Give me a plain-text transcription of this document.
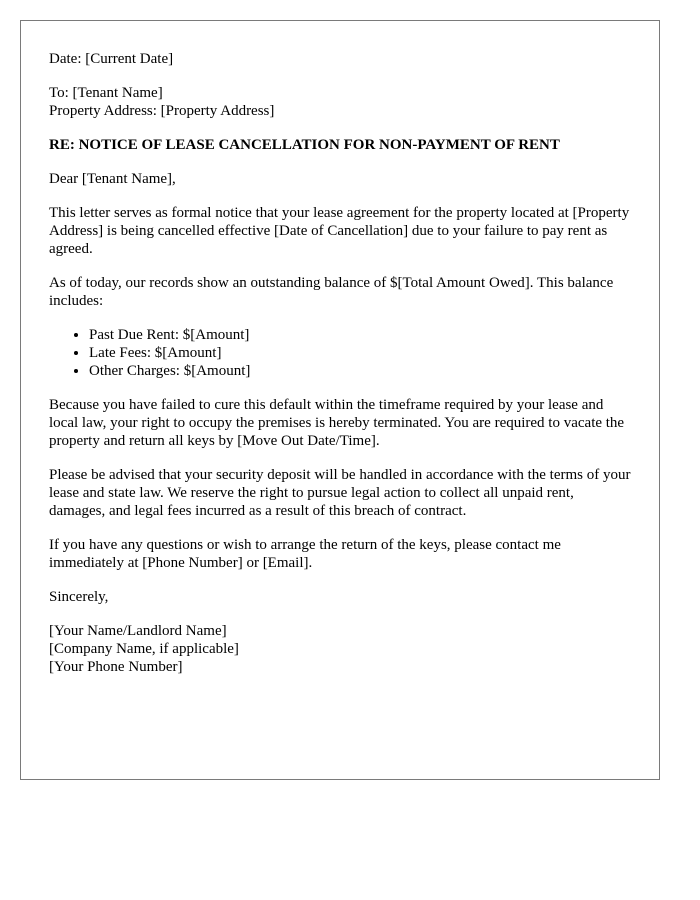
Date: [Current Date]

To: [Tenant Name]

Property Address: [Property Address]

RE: NOTICE OF LEASE CANCELLATION FOR NON-PAYMENT OF RENT

Dear [Tenant Name],

This letter serves as formal notice that your lease agreement for the property located at [Property Address] is being cancelled effective [Date of Cancellation] due to your failure to pay rent as agreed.

As of today, our records show an outstanding balance of $[Total Amount Owed]. This balance includes:

• Past Due Rent: $[Amount]
• Late Fees: $[Amount]
• Other Charges: $[Amount]

Because you have failed to cure this default within the timeframe required by your lease and local law, your right to occupy the premises is hereby terminated. You are required to vacate the property and return all keys by [Move Out Date/Time].

Please be advised that your security deposit will be handled in accordance with the terms of your lease and state law. We reserve the right to pursue legal action to collect all unpaid rent, damages, and legal fees incurred as a result of this breach of contract.

If you have any questions or wish to arrange the return of the keys, please contact me immediately at [Phone Number] or [Email].

Sincerely,

[Your Name/Landlord Name]

[Company Name, if applicable]

[Your Phone Number]
